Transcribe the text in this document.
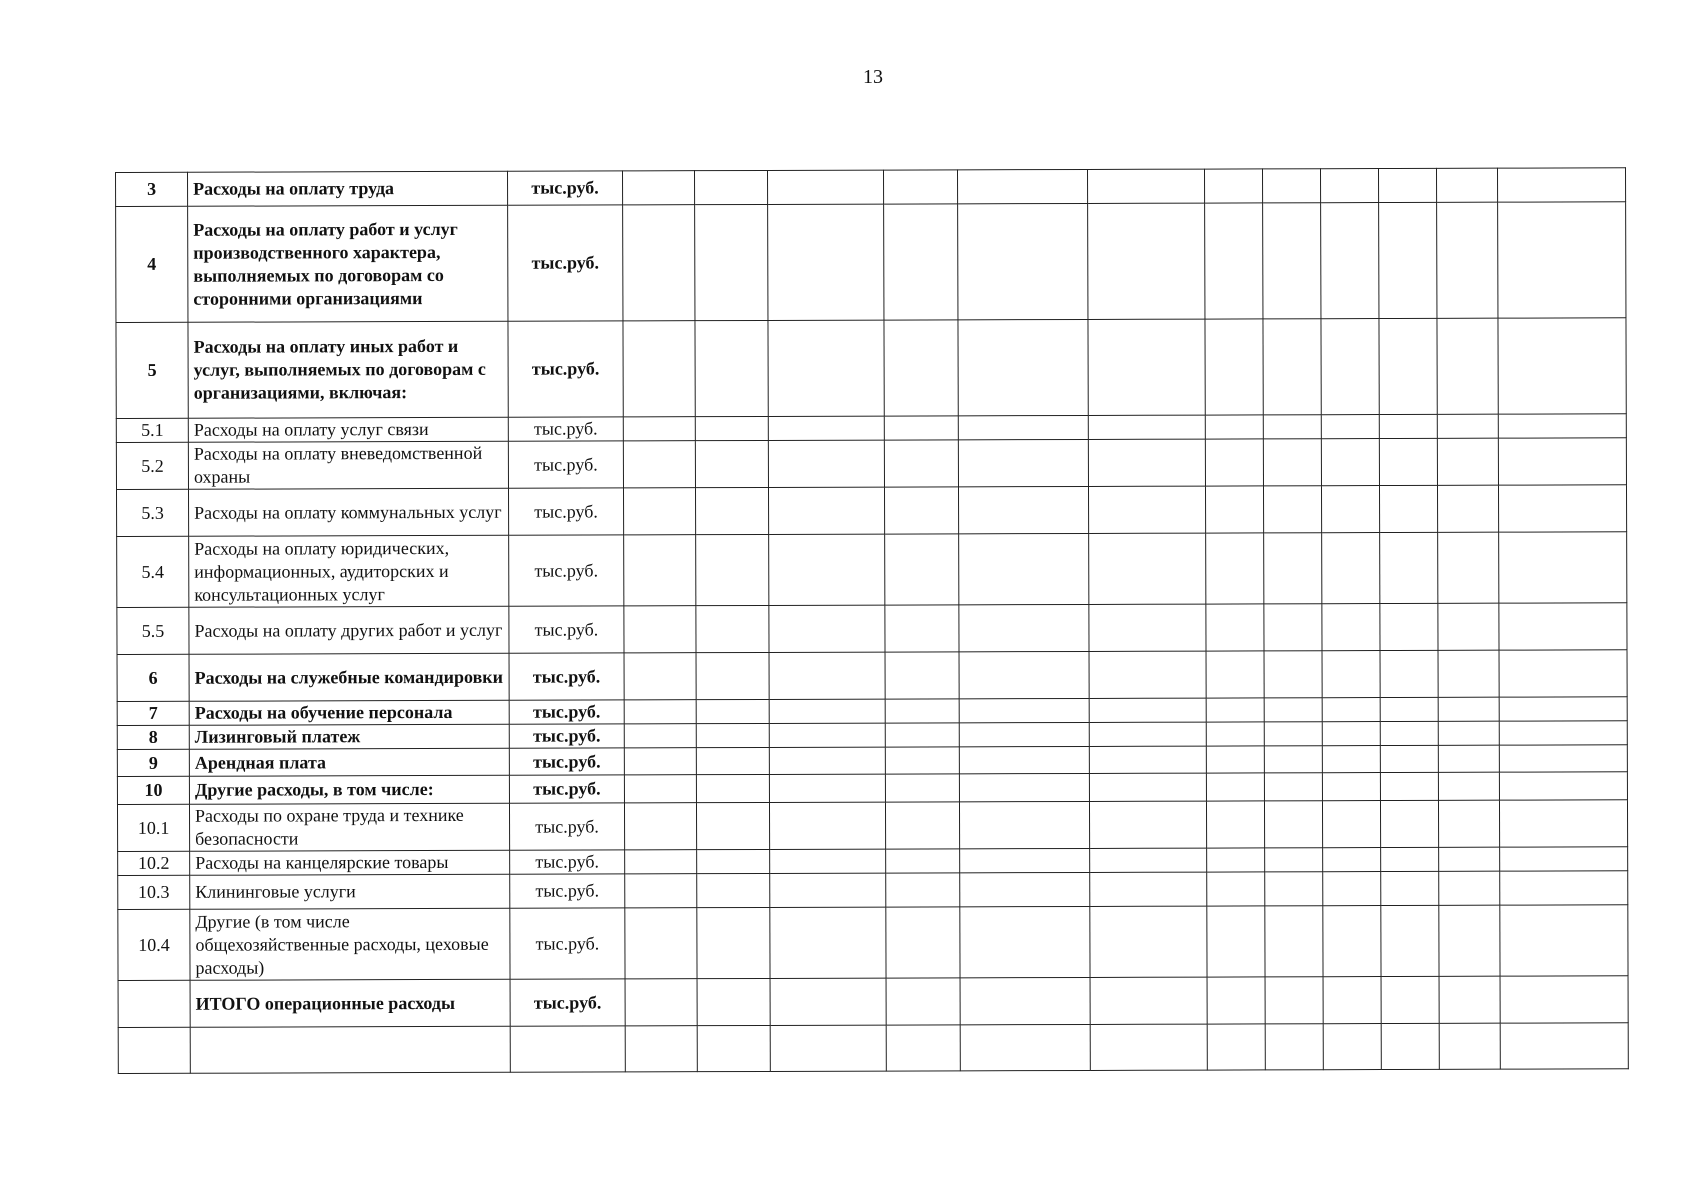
13
3	Расходы на оплату труда	тыс.руб.												
4	Расходы на оплату работ и услуг производственного характера, выполняемых по договорам со сторонними организациями	тыс.руб.												
5	Расходы на оплату иных работ и услуг, выполняемых по договорам с организациями, включая:	тыс.руб.												
5.1	Расходы на оплату услуг связи	тыс.руб.												
5.2	Расходы на оплату вневедомственной охраны	тыс.руб.												
5.3	Расходы на оплату коммунальных услуг	тыс.руб.												
5.4	Расходы на оплату юридических, информационных, аудиторских и консультационных услуг	тыс.руб.												
5.5	Расходы на оплату других работ и услуг	тыс.руб.												
6	Расходы на служебные командировки	тыс.руб.												
7	Расходы на обучение персонала	тыс.руб.												
8	Лизинговый платеж	тыс.руб.												
9	Арендная плата	тыс.руб.												
10	Другие расходы, в том числе:	тыс.руб.												
10.1	Расходы по охране труда и технике безопасности	тыс.руб.												
10.2	Расходы на канцелярские товары	тыс.руб.												
10.3	Клининговые услуги	тыс.руб.												
10.4	Другие (в том числе общехозяйственные расходы, цеховые расходы)	тыс.руб.												
	ИТОГО операционные расходы	тыс.руб.												
